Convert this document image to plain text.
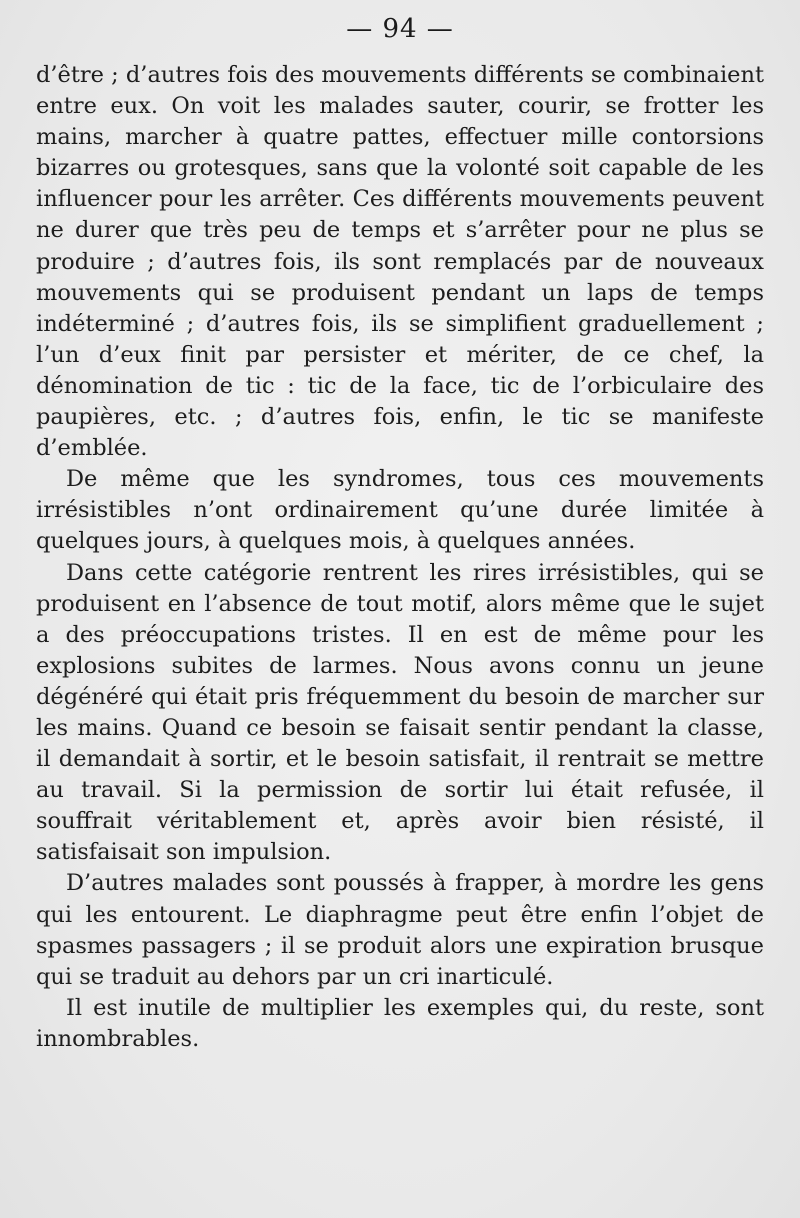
— 94 —

d’être ; d’autres fois des mouvements différents se combinaient entre eux. On voit les malades sauter, courir, se frotter les mains, marcher à quatre pattes, effectuer mille contorsions bizarres ou grotesques, sans que la volonté soit capable de les influencer pour les arrêter. Ces différents mouvements peuvent ne durer que très peu de temps et s’arrêter pour ne plus se produire ; d’autres fois, ils sont remplacés par de nouveaux mouvements qui se produisent pendant un laps de temps indéterminé ; d’autres fois, ils se simplifient graduellement ; l’un d’eux finit par persister et mériter, de ce chef, la dénomination de tic : tic de la face, tic de l’orbiculaire des paupières, etc. ; d’autres fois, enfin, le tic se manifeste d’emblée.

De même que les syndromes, tous ces mouvements irrésistibles n’ont ordinairement qu’une durée limitée à quelques jours, à quelques mois, à quelques années.

Dans cette catégorie rentrent les rires irrésistibles, qui se produisent en l’absence de tout motif, alors même que le sujet a des préoccupations tristes. Il en est de même pour les explosions subites de larmes. Nous avons connu un jeune dégénéré qui était pris fréquemment du besoin de marcher sur les mains. Quand ce besoin se faisait sentir pendant la classe, il demandait à sortir, et le besoin satisfait, il rentrait se mettre au travail. Si la permission de sortir lui était refusée, il souffrait véritablement et, après avoir bien résisté, il satisfaisait son impulsion.

D’autres malades sont poussés à frapper, à mordre les gens qui les entourent. Le diaphragme peut être enfin l’objet de spasmes passagers ; il se produit alors une expiration brusque qui se traduit au dehors par un cri inarticulé.

Il est inutile de multiplier les exemples qui, du reste, sont innombrables.
